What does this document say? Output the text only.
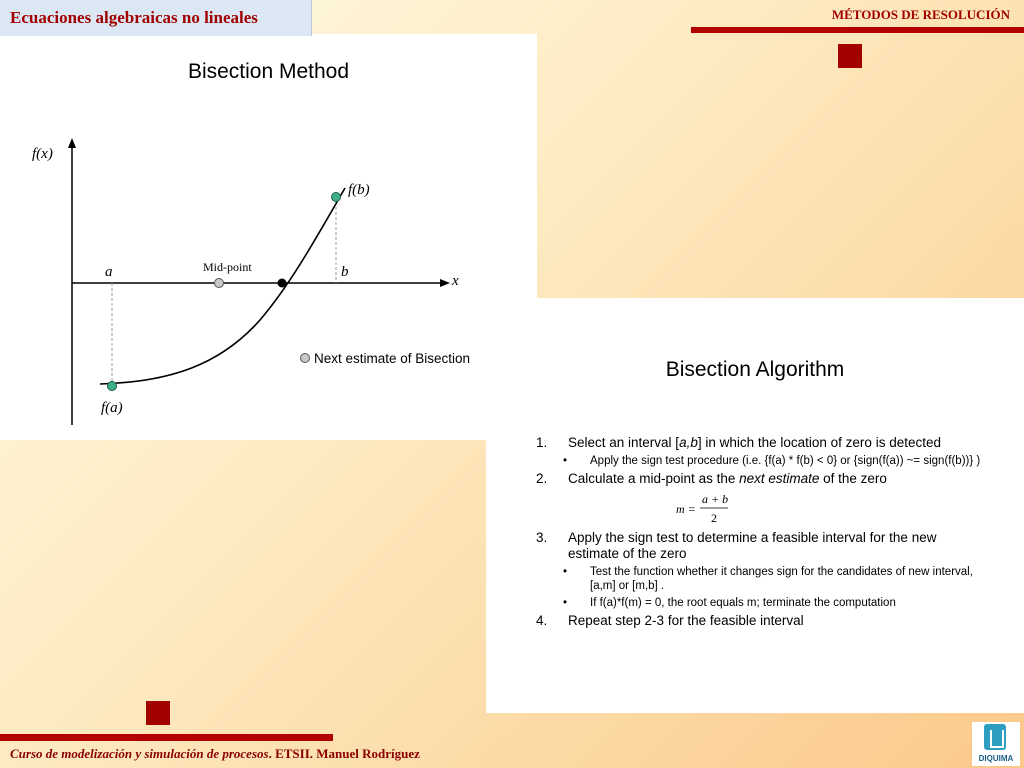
Ecuaciones algebraicas no lineales	MÉTODOS DE RESOLUCIÓN
Bisection Method
f(x)
x
a	b
f(a)
f(b)
Mid-point
Next estimate of Bisection	Bisection Algorithm
1. Select an interval [a,b] in which the location of zero is detected
• Apply the sign test procedure (i.e. {f(a) * f(b) < 0} or {sign(f(a)) ~= sign(f(b))} )
2. Calculate a mid-point as the next estimate of the zero
m =
a + b
2
3. Apply the sign test to determine a feasible interval for the new estimate of the zero
• Test the function whether it changes sign for the candidates of new interval, [a,m] or [m,b] .
• If f(a)*f(m) = 0, the root equals m; terminate the computation
4. Repeat step 2-3 for the feasible interval
Curso de modelización y simulación de procesos. ETSII. Manuel Rodríguez	DIQUIMA
